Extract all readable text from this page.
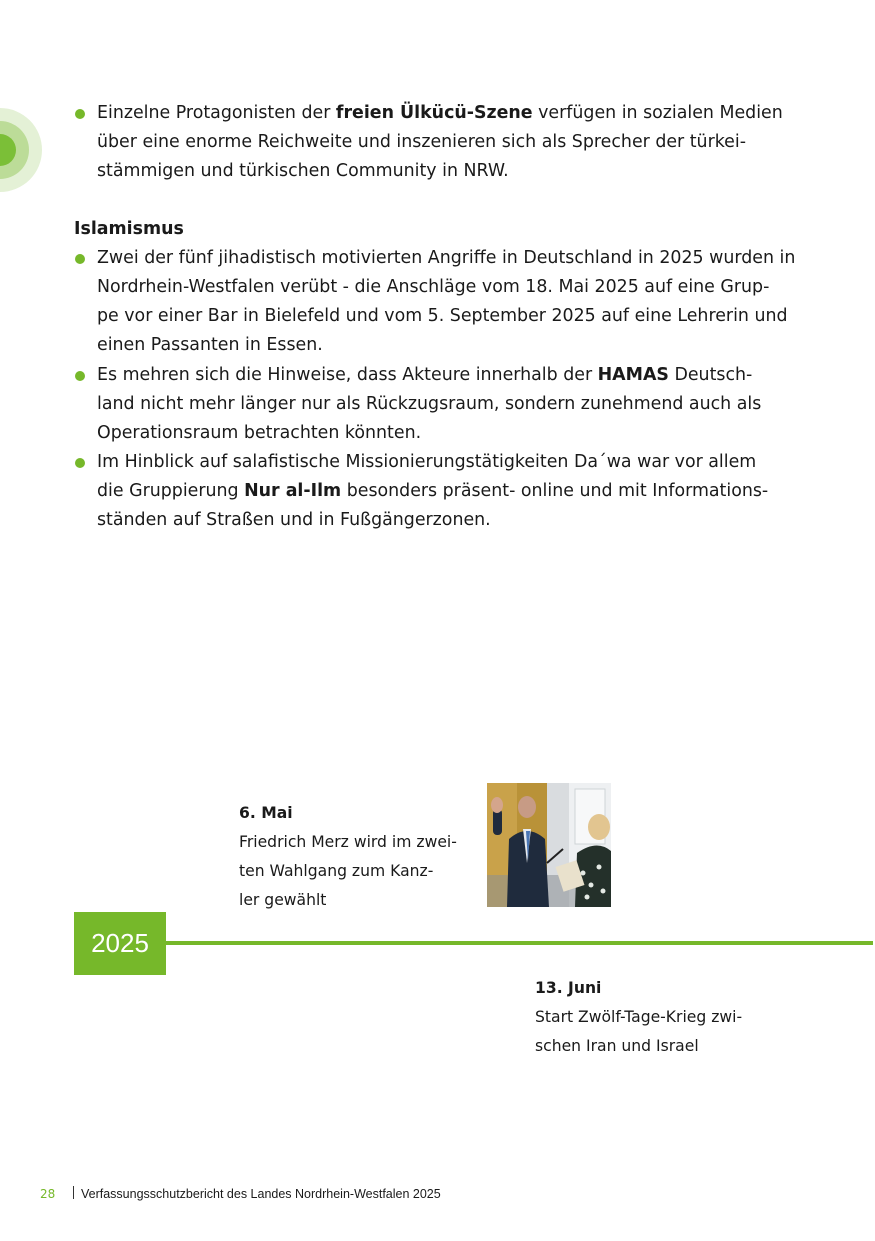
Einzelne Protagonisten der freien Ülkücü-Szene verfügen in sozialen Medien
über eine enorme Reichweite und inszenieren sich als Sprecher der türkei-
stämmigen und türkischen Community in NRW.
Islamismus
Zwei der fünf jihadistisch motivierten Angriffe in Deutschland in 2025 wurden in
Nordrhein-Westfalen verübt - die Anschläge vom 18. Mai 2025 auf eine Grup-
pe vor einer Bar in Bielefeld und vom 5. September 2025 auf eine Lehrerin und
einen Passanten in Essen.
Es mehren sich die Hinweise, dass Akteure innerhalb der HAMAS Deutsch-
land nicht mehr länger nur als Rückzugsraum, sondern zunehmend auch als
Operationsraum betrachten könnten.
Im Hinblick auf salafistische Missionierungstätigkeiten Da´wa war vor allem
die Gruppierung Nur al-Ilm besonders präsent- online und mit Informations-
ständen auf Straßen und in Fußgängerzonen.
6. Mai
Friedrich Merz wird im zwei-
ten Wahlgang zum Kanz-
ler gewählt
2025
13. Juni
Start Zwölf-Tage-Krieg zwi-
schen Iran und Israel
28 Verfassungsschutzbericht des Landes Nordrhein-Westfalen 2025
